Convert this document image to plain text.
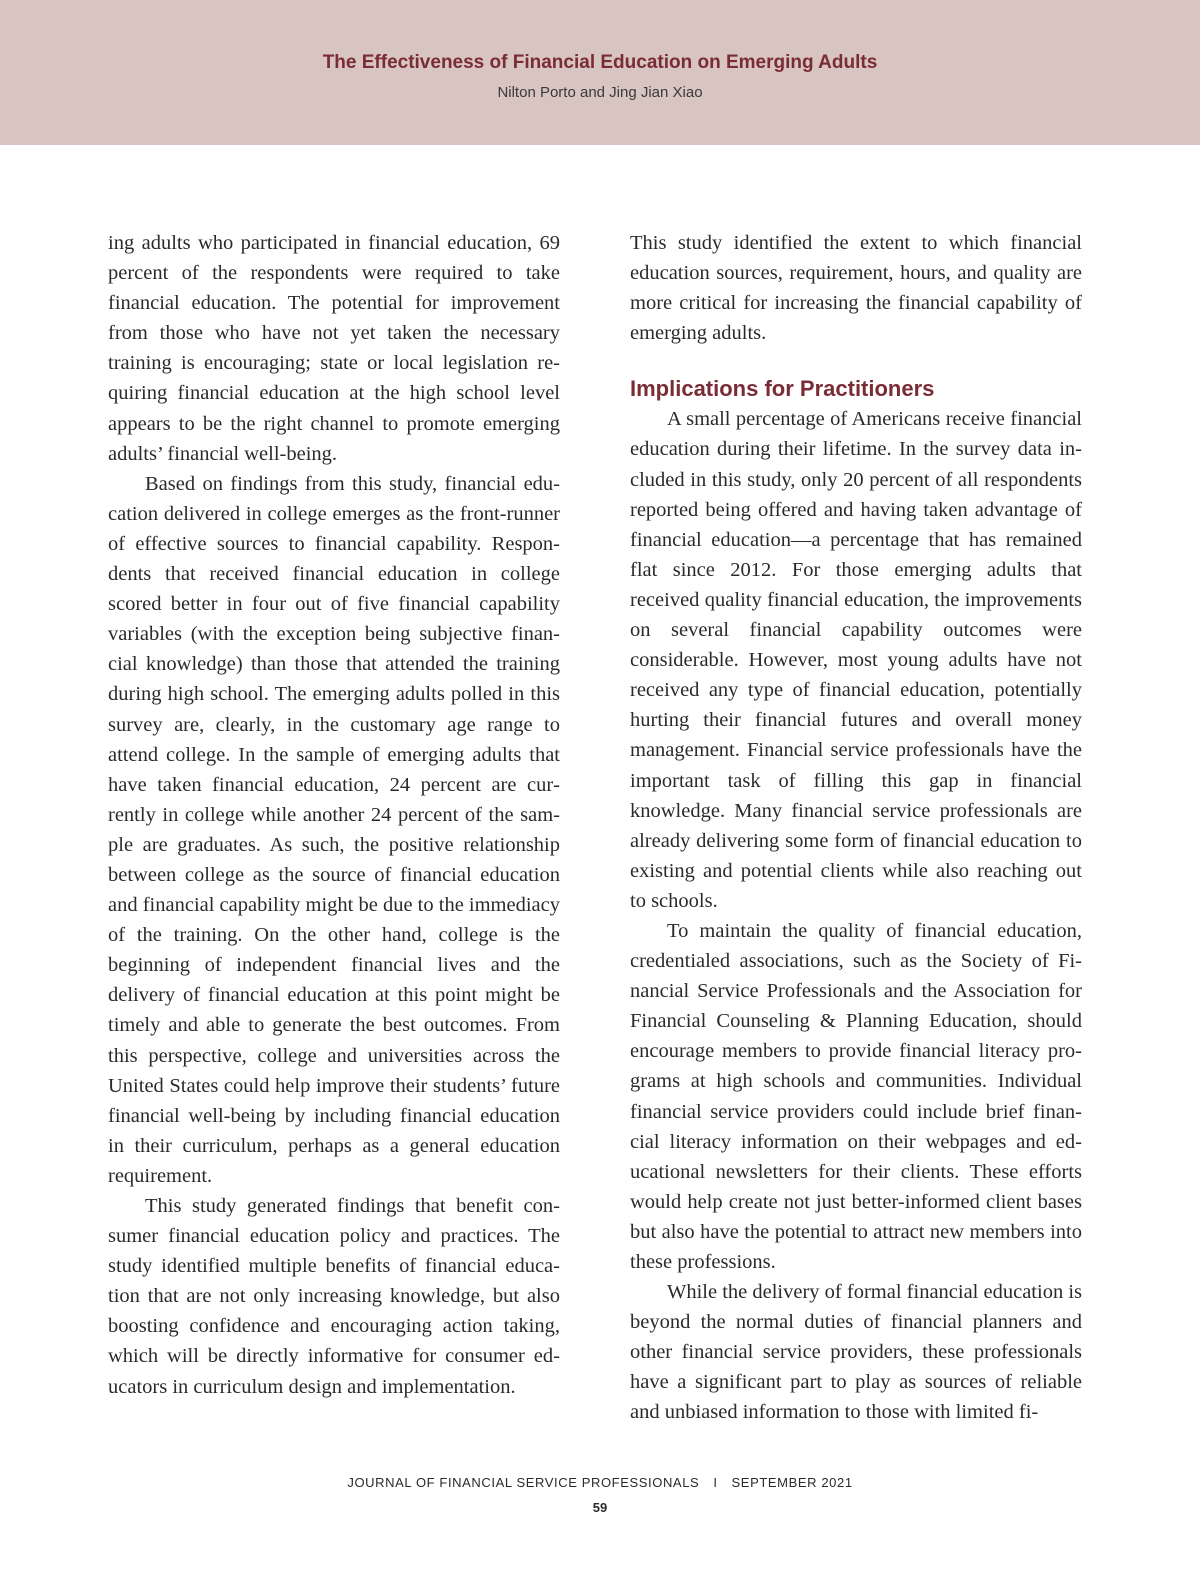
The Effectiveness of Financial Education on Emerging Adults
Nilton Porto and Jing Jian Xiao

ing adults who participated in financial education, 69 percent of the respondents were required to take financial education. The potential for improvement from those who have not yet taken the necessary training is encouraging; state or local legislation requiring financial education at the high school level appears to be the right channel to promote emerging adults’ financial well-being.

Based on findings from this study, financial education delivered in college emerges as the front-runner of effective sources to financial capability. Respondents that received financial education in college scored better in four out of five financial capability variables (with the exception being subjective financial knowledge) than those that attended the training during high school. The emerging adults polled in this survey are, clearly, in the customary age range to attend college. In the sample of emerging adults that have taken financial education, 24 percent are currently in college while another 24 percent of the sample are graduates. As such, the positive relationship between college as the source of financial education and financial capability might be due to the immediacy of the training. On the other hand, college is the beginning of independent financial lives and the delivery of financial education at this point might be timely and able to generate the best outcomes. From this perspective, college and universities across the United States could help improve their students’ future financial well-being by including financial education in their curriculum, perhaps as a general education requirement.

This study generated findings that benefit consumer financial education policy and practices. The study identified multiple benefits of financial education that are not only increasing knowledge, but also boosting confidence and encouraging action taking, which will be directly informative for consumer educators in curriculum design and implementation.

This study identified the extent to which financial education sources, requirement, hours, and quality are more critical for increasing the financial capability of emerging adults.

Implications for Practitioners

A small percentage of Americans receive financial education during their lifetime. In the survey data included in this study, only 20 percent of all respondents reported being offered and having taken advantage of financial education—a percentage that has remained flat since 2012. For those emerging adults that received quality financial education, the improvements on several financial capability outcomes were considerable. However, most young adults have not received any type of financial education, potentially hurting their financial futures and overall money management. Financial service professionals have the important task of filling this gap in financial knowledge. Many financial service professionals are already delivering some form of financial education to existing and potential clients while also reaching out to schools.

To maintain the quality of financial education, credentialed associations, such as the Society of Financial Service Professionals and the Association for Financial Counseling & Planning Education, should encourage members to provide financial literacy programs at high schools and communities. Individual financial service providers could include brief financial literacy information on their webpages and educational newsletters for their clients. These efforts would help create not just better-informed client bases but also have the potential to attract new members into these professions.

While the delivery of formal financial education is beyond the normal duties of financial planners and other financial service providers, these professionals have a significant part to play as sources of reliable and unbiased information to those with limited fi-

JOURNAL OF FINANCIAL SERVICE PROFESSIONALS I SEPTEMBER 2021
59
